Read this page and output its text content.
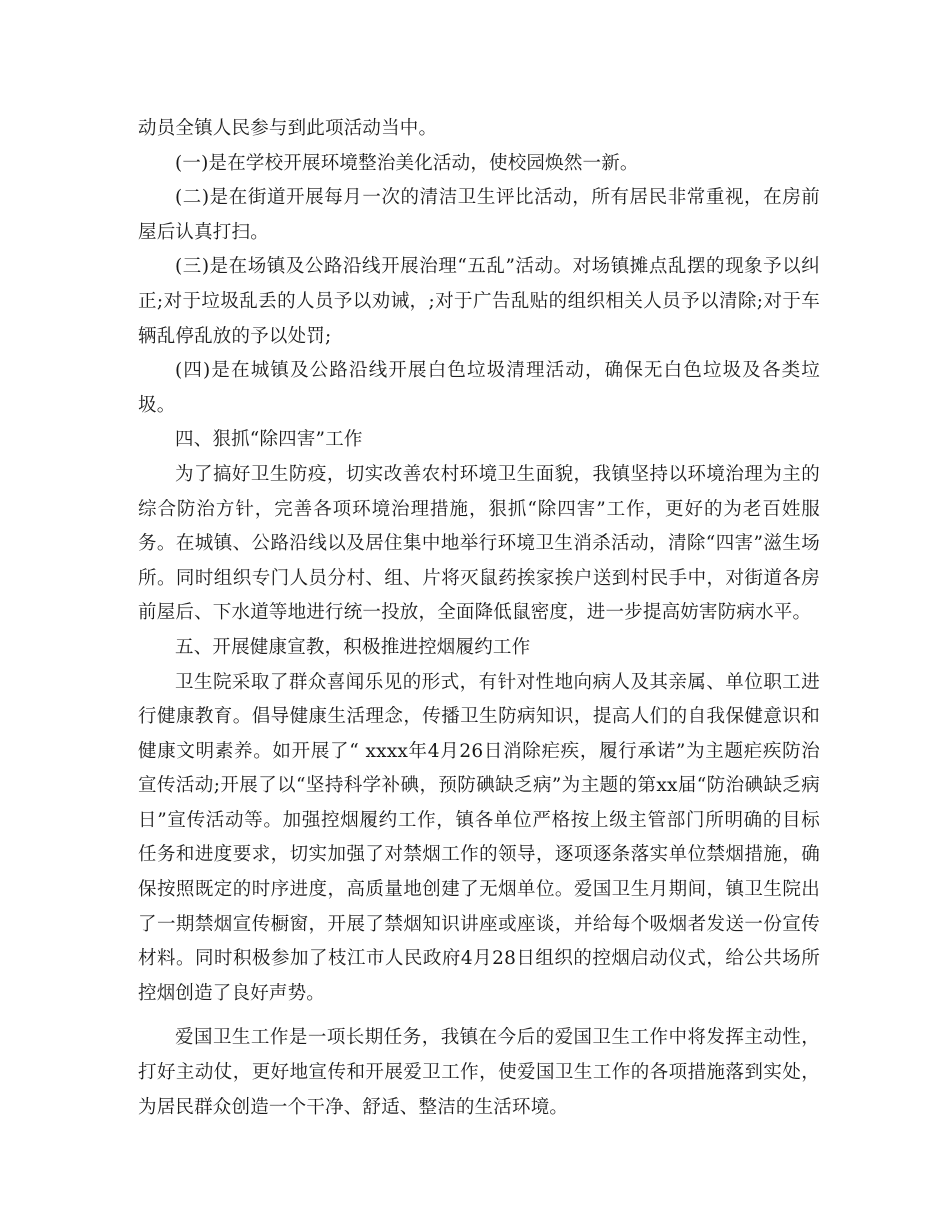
动员全镇人民参与到此项活动当中。

(一)是在学校开展环境整治美化活动，使校园焕然一新。

(二)是在街道开展每月一次的清洁卫生评比活动，所有居民非常重视，在房前屋后认真打扫。

(三)是在场镇及公路沿线开展治理“五乱”活动。对场镇摊点乱摆的现象予以纠正;对于垃圾乱丢的人员予以劝诫，;对于广告乱贴的组织相关人员予以清除;对于车辆乱停乱放的予以处罚;

(四)是在城镇及公路沿线开展白色垃圾清理活动，确保无白色垃圾及各类垃圾。

四、狠抓“除四害”工作

为了搞好卫生防疫，切实改善农村环境卫生面貌，我镇坚持以环境治理为主的综合防治方针，完善各项环境治理措施，狠抓“除四害”工作，更好的为老百姓服务。在城镇、公路沿线以及居住集中地举行环境卫生消杀活动，清除“四害”滋生场所。同时组织专门人员分村、组、片将灭鼠药挨家挨户送到村民手中，对街道各房前屋后、下水道等地进行统一投放，全面降低鼠密度，进一步提高妨害防病水平。

五、开展健康宣教，积极推进控烟履约工作

卫生院采取了群众喜闻乐见的形式，有针对性地向病人及其亲属、单位职工进行健康教育。倡导健康生活理念，传播卫生防病知识，提高人们的自我保健意识和健康文明素养。如开展了“ xxxx年4月26日消除疟疾，履行承诺”为主题疟疾防治宣传活动;开展了以“坚持科学补碘，预防碘缺乏病”为主题的第xx届“防治碘缺乏病日”宣传活动等。加强控烟履约工作，镇各单位严格按上级主管部门所明确的目标任务和进度要求，切实加强了对禁烟工作的领导，逐项逐条落实单位禁烟措施，确保按照既定的时序进度，高质量地创建了无烟单位。爱国卫生月期间，镇卫生院出了一期禁烟宣传橱窗，开展了禁烟知识讲座或座谈，并给每个吸烟者发送一份宣传材料。同时积极参加了枝江市人民政府4月28日组织的控烟启动仪式，给公共场所控烟创造了良好声势。

爱国卫生工作是一项长期任务，我镇在今后的爱国卫生工作中将发挥主动性，打好主动仗，更好地宣传和开展爱卫工作，使爱国卫生工作的各项措施落到实处，为居民群众创造一个干净、舒适、整洁的生活环境。
